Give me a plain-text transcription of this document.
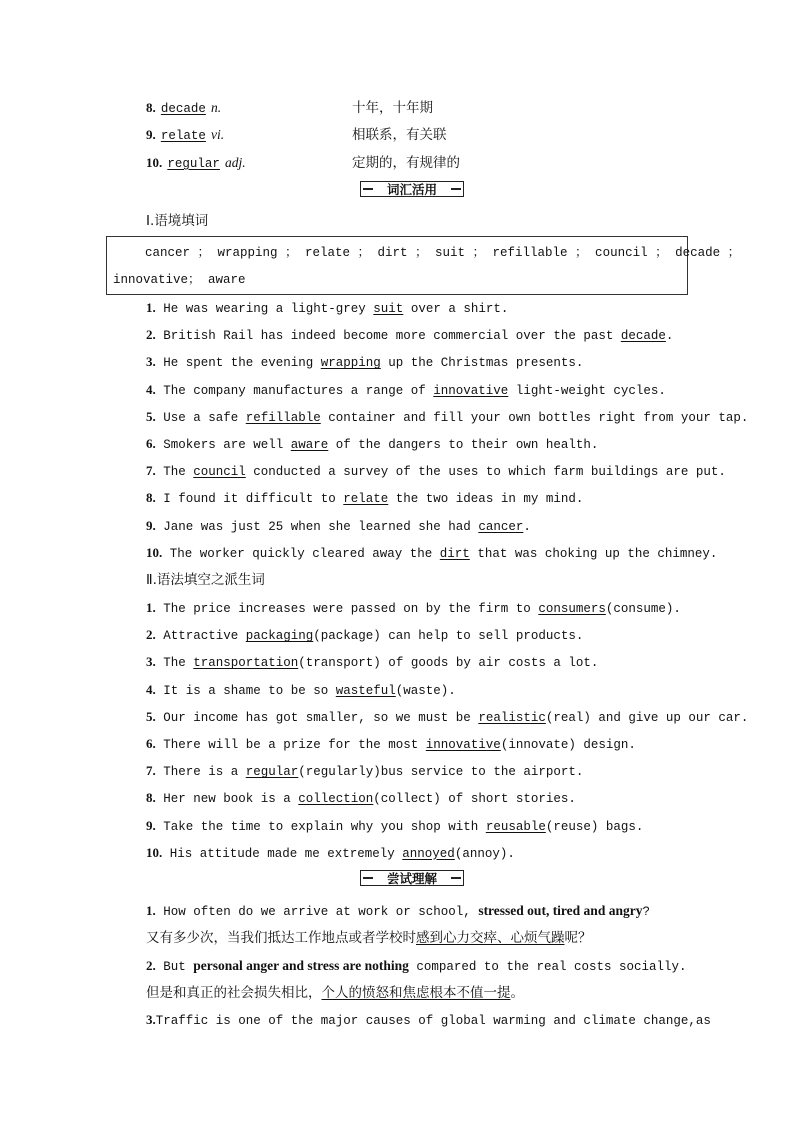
8. decade n.	十年，十年期
9. relate vi.	相联系，有关联
10. regular adj.	定期的，有规律的
词汇活用
Ⅰ.语境填词
cancer ； wrapping ； relate ； dirt ； suit ； refillable ； council ； decade ；
innovative； aware
1. He was wearing a light-grey suit over a shirt.
2. British Rail has indeed become more commercial over the past decade.
3. He spent the evening wrapping up the Christmas presents.
4. The company manufactures a range of innovative light-weight cycles.
5. Use a safe refillable container and fill your own bottles right from your tap.
6. Smokers are well aware of the dangers to their own health.
7. The council conducted a survey of the uses to which farm buildings are put.
8. I found it difficult to relate the two ideas in my mind.
9. Jane was just 25 when she learned she had cancer.
10. The worker quickly cleared away the dirt that was choking up the chimney.
Ⅱ.语法填空之派生词
1. The price increases were passed on by the firm to consumers(consume).
2. Attractive packaging(package) can help to sell products.
3. The transportation(transport) of goods by air costs a lot.
4. It is a shame to be so wasteful(waste).
5. Our income has got smaller, so we must be realistic(real) and give up our car.
6. There will be a prize for the most innovative(innovate) design.
7. There is a regular(regularly)bus service to the airport.
8. Her new book is a collection(collect) of short stories.
9. Take the time to explain why you shop with reusable(reuse) bags.
10. His attitude made me extremely annoyed(annoy).
尝试理解
1. How often do we arrive at work or school, stressed out, tired and angry?
又有多少次，当我们抵达工作地点或者学校时感到心力交瘁、心烦气躁呢？
2. But personal anger and stress are nothing compared to the real costs socially.
但是和真正的社会损失相比，个人的愤怒和焦虑根本不值一提。
3.Traffic is one of the major causes of global warming and climate change,as
